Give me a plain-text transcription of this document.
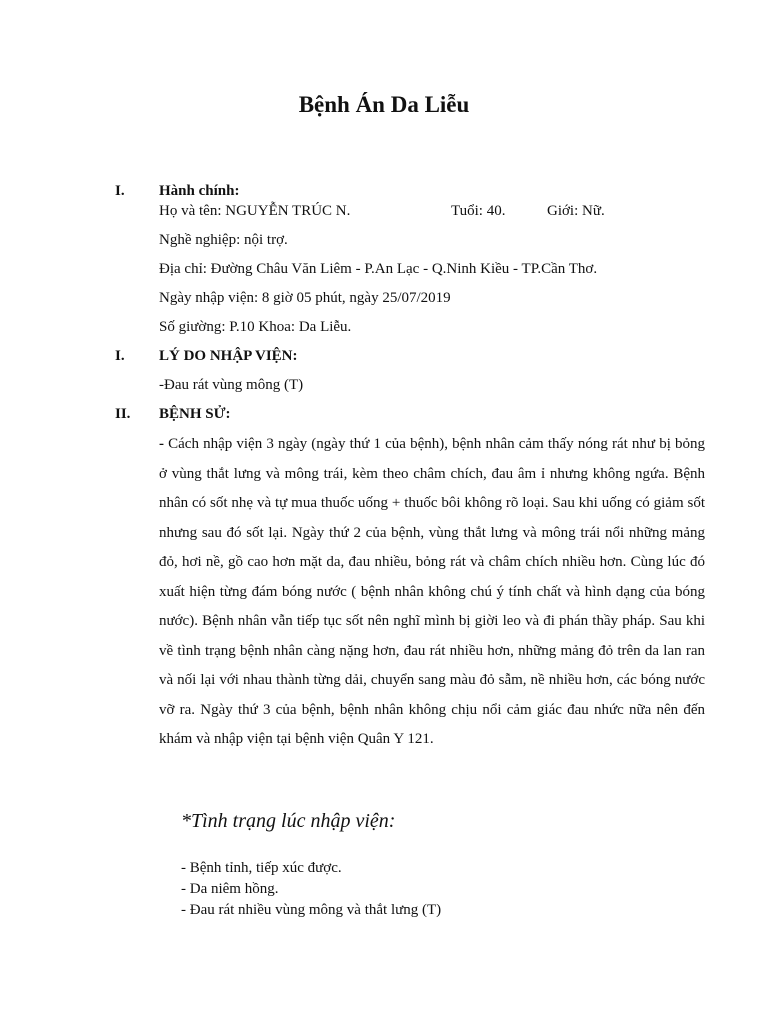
Bệnh Án Da Liễu
I. Hành chính:
Họ và tên: NGUYỄN TRÚC N.	Tuổi: 40.	Giới: Nữ.
Nghề nghiệp: nội trợ.
Địa chỉ: Đường Châu Văn Liêm - P.An Lạc - Q.Ninh Kiều - TP.Cần Thơ.
Ngày nhập viện: 8 giờ 05 phút, ngày 25/07/2019
Số giường: P.10 Khoa: Da Liễu.
I. LÝ DO NHẬP VIỆN:
-Đau rát vùng mông (T)
II. BỆNH SỬ:

- Cách nhập viện 3 ngày (ngày thứ 1 của bệnh), bệnh nhân cảm thấy nóng rát như bị bỏng ở vùng thắt lưng và mông trái, kèm theo châm chích, đau âm ỉ nhưng không ngứa. Bệnh nhân có sốt nhẹ và tự mua thuốc uống + thuốc bôi không rõ loại. Sau khi uống có giảm sốt nhưng sau đó sốt lại. Ngày thứ 2 của bệnh, vùng thắt lưng và mông trái nổi những mảng đỏ, hơi nề, gồ cao hơn mặt da, đau nhiều, bỏng rát và châm chích nhiều hơn. Cùng lúc đó xuất hiện từng đám bóng nước ( bệnh nhân không chú ý tính chất và hình dạng của bóng nước). Bệnh nhân vẫn tiếp tục sốt nên nghĩ mình bị giời leo và đi phán thầy pháp. Sau khi về tình trạng bệnh nhân càng nặng hơn, đau rát nhiều hơn, những mảng đỏ trên da lan ran và nối lại với nhau thành từng dải, chuyển sang màu đỏ sẫm, nề nhiều hơn, các bóng nước vỡ ra. Ngày thứ 3 của bệnh, bệnh nhân không chịu nổi cảm giác đau nhức nữa nên đến khám và nhập viện tại bệnh viện Quân Y 121.

*Tình trạng lúc nhập viện:
- Bệnh tỉnh, tiếp xúc được.
- Da niêm hồng.
- Đau rát nhiều vùng mông và thắt lưng (T)
